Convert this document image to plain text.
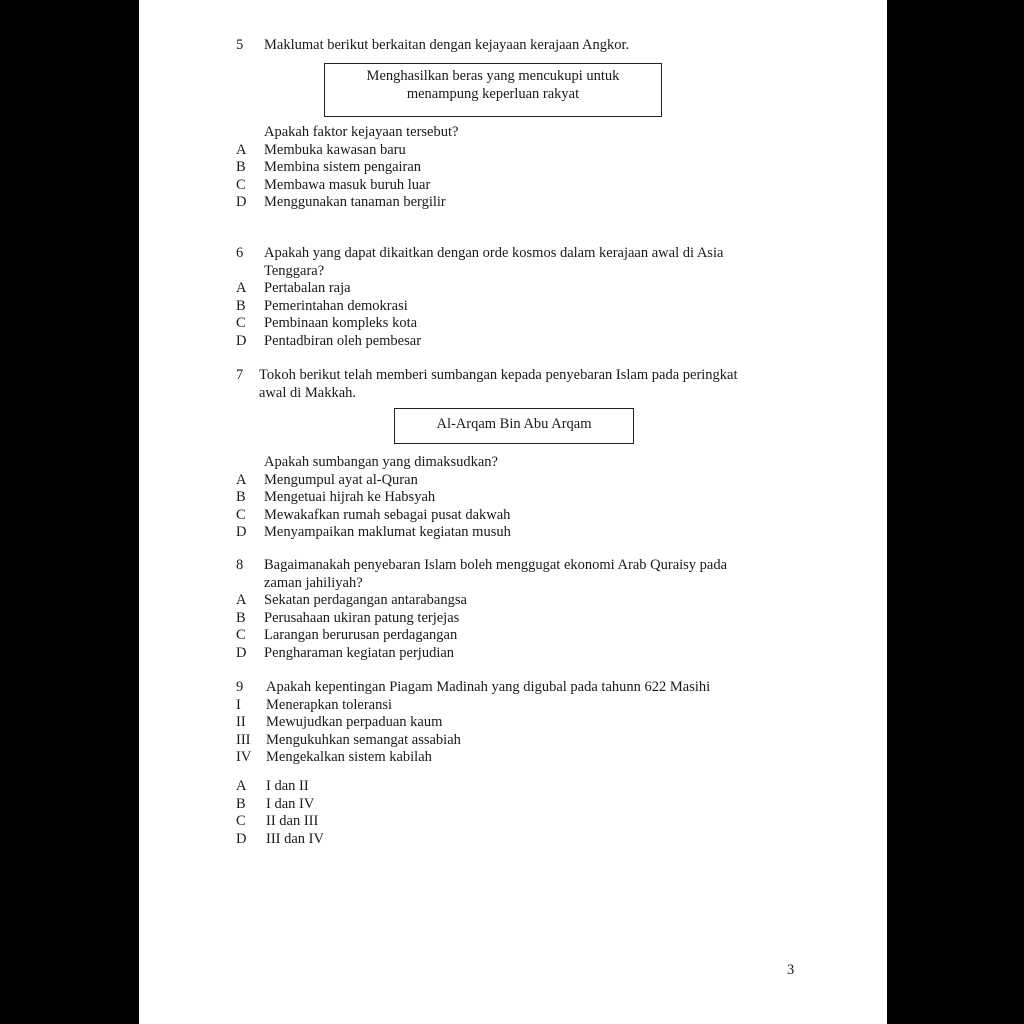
5 Maklumat berikut berkaitan dengan kejayaan kerajaan Angkor.
Menghasilkan beras yang mencukupi untuk
menampung keperluan rakyat
Apakah faktor kejayaan tersebut?
A Membuka kawasan baru
B Membina sistem pengairan
C Membawa masuk buruh luar
D Menggunakan tanaman bergilir
6 Apakah yang dapat dikaitkan dengan orde kosmos dalam kerajaan awal di Asia
Tenggara?
A Pertabalan raja
B Pemerintahan demokrasi
C Pembinaan kompleks kota
D Pentadbiran oleh pembesar
7 Tokoh berikut telah memberi sumbangan kepada penyebaran Islam pada peringkat
awal di Makkah.
Al-Arqam Bin Abu Arqam
Apakah sumbangan yang dimaksudkan?
A Mengumpul ayat al-Quran
B Mengetuai hijrah ke Habsyah
C Mewakafkan rumah sebagai pusat dakwah
D Menyampaikan maklumat kegiatan musuh
8 Bagaimanakah penyebaran Islam boleh menggugat ekonomi Arab Quraisy pada
zaman jahiliyah?
A Sekatan perdagangan antarabangsa
B Perusahaan ukiran patung terjejas
C Larangan berurusan perdagangan
D Pengharaman kegiatan perjudian
9 Apakah kepentingan Piagam Madinah yang digubal pada tahunn 622 Masihi
I Menerapkan toleransi
II Mewujudkan perpaduan kaum
III Mengukuhkan semangat assabiah
IV Mengekalkan sistem kabilah
A I dan II
B I dan IV
C II dan III
D III dan IV
3
